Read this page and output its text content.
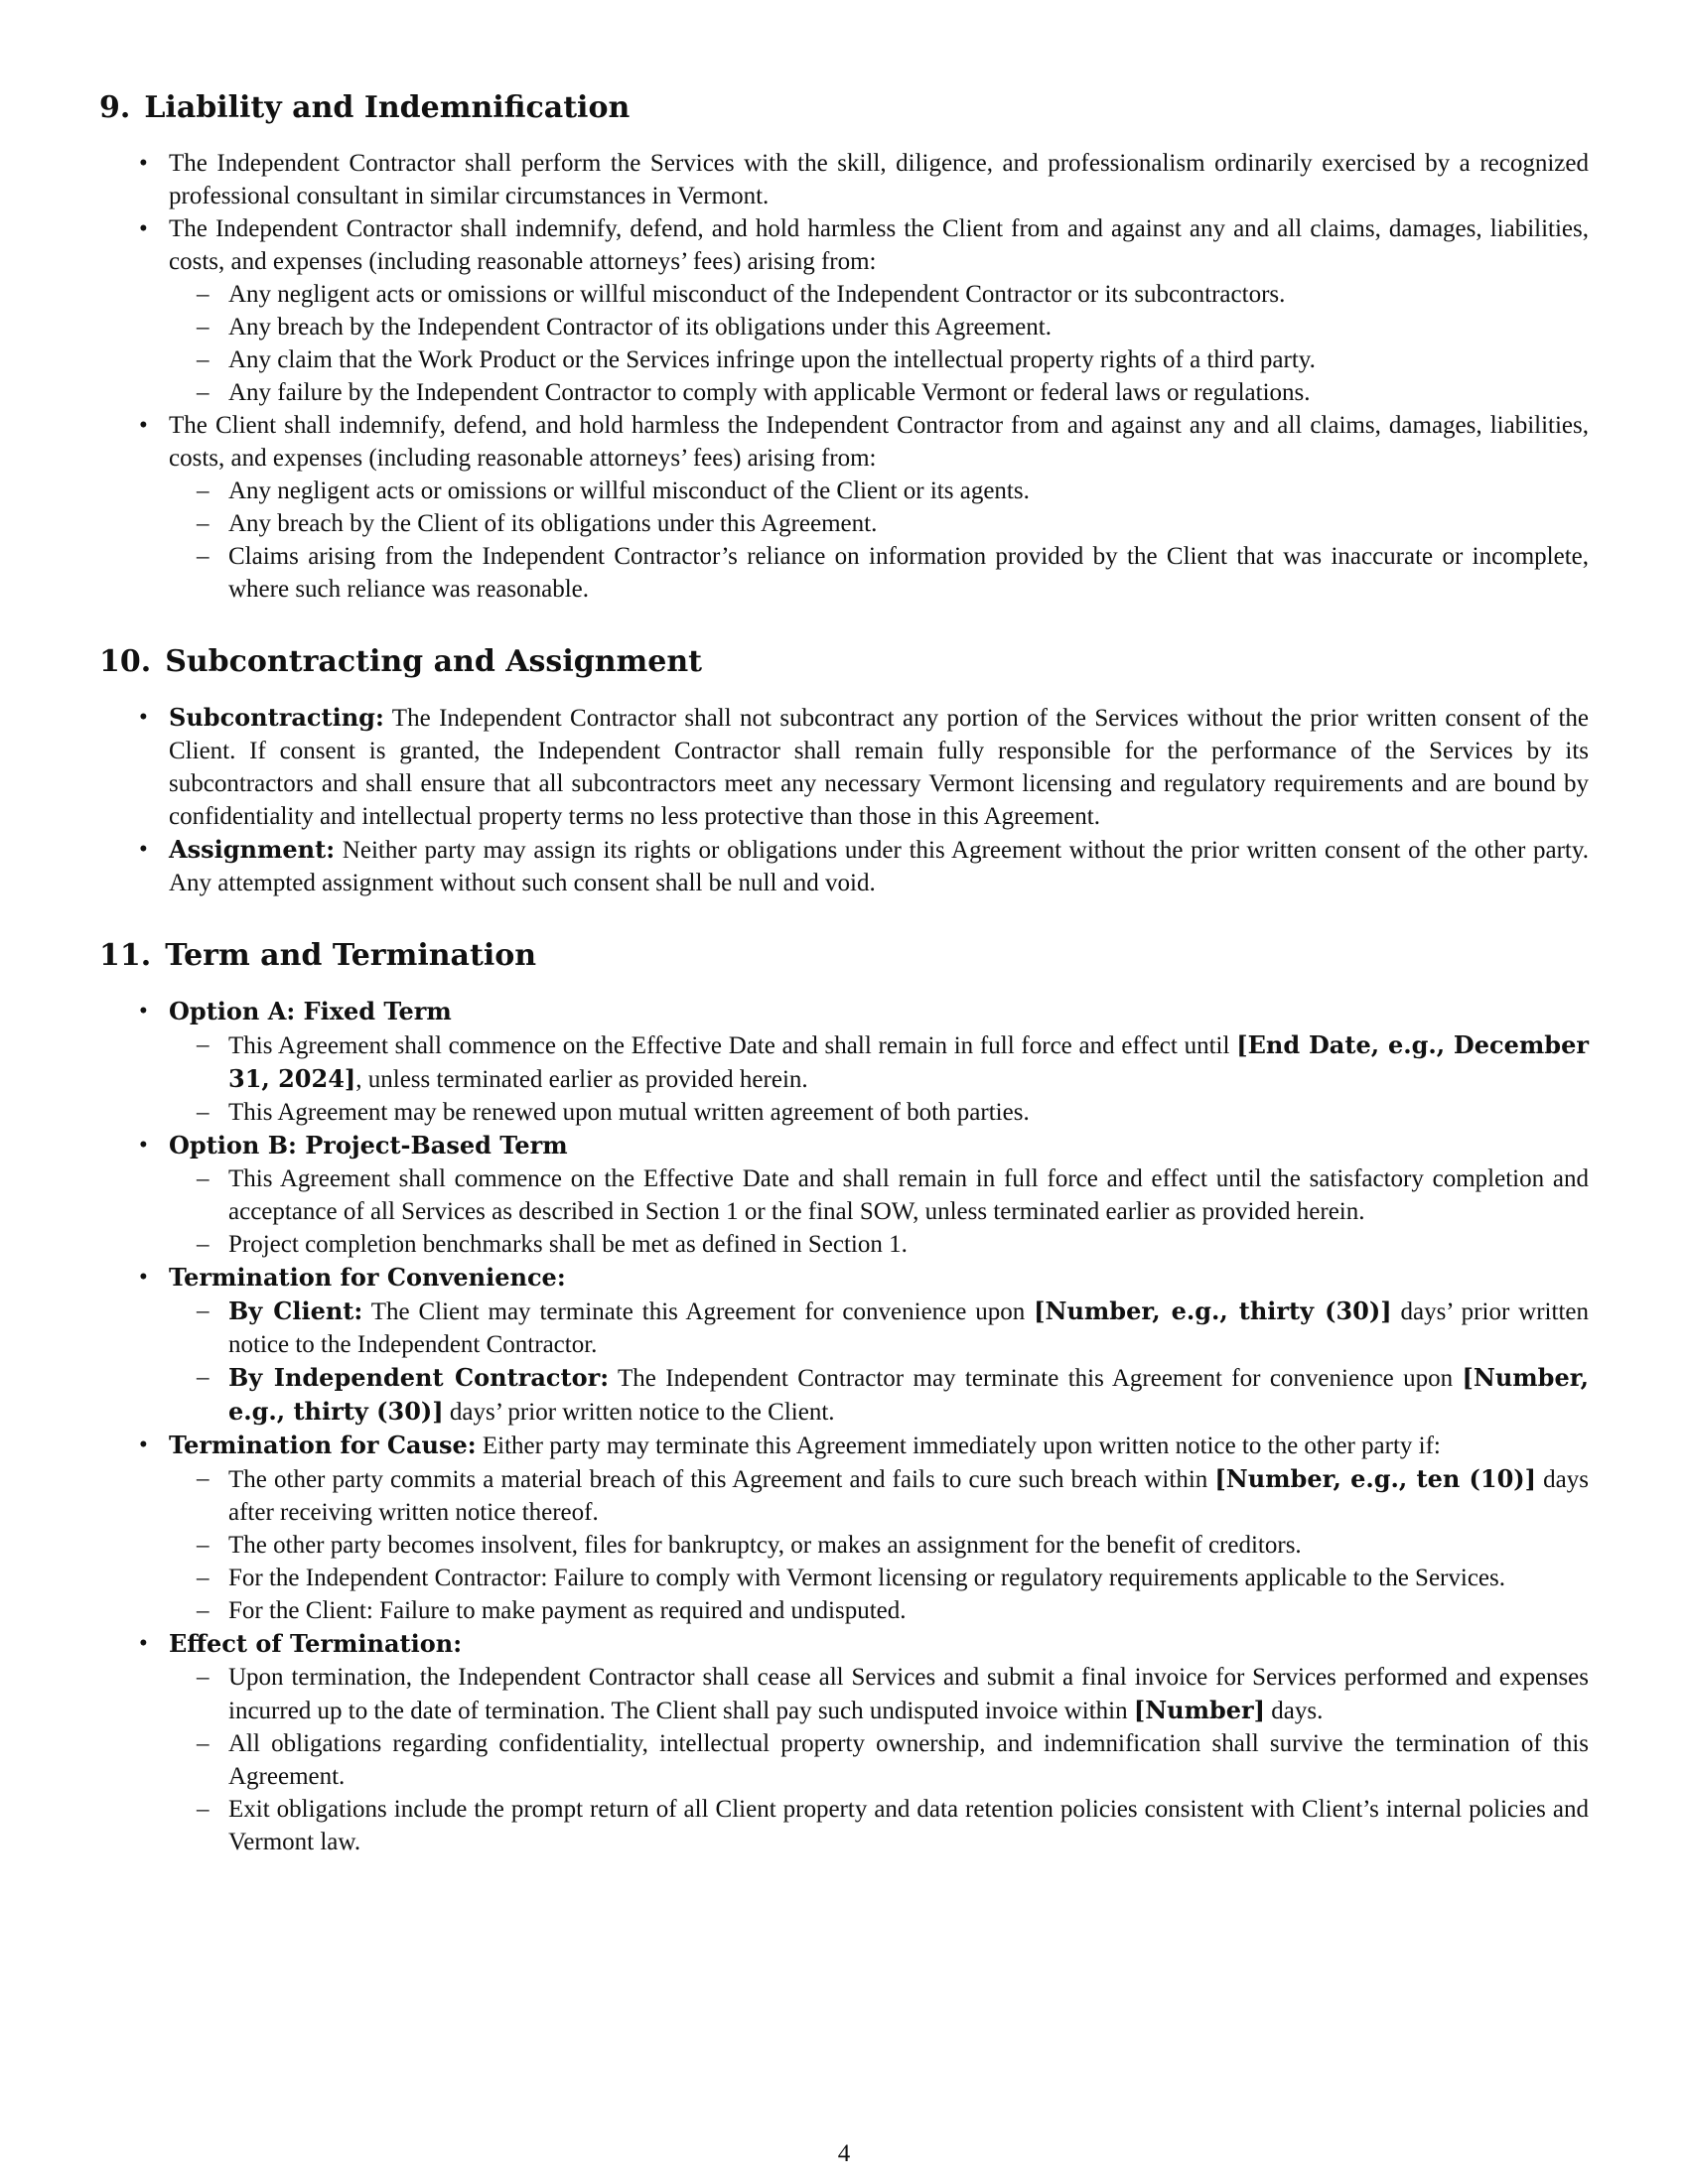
9. Liability and Indemnification
• The Independent Contractor shall perform the Services with the skill, diligence, and professionalism ordinarily exercised by a recognized professional consultant in similar circumstances in Vermont.
• The Independent Contractor shall indemnify, defend, and hold harmless the Client from and against any and all claims, damages, liabilities, costs, and expenses (including reasonable attorneys’ fees) arising from:
– Any negligent acts or omissions or willful misconduct of the Independent Contractor or its subcontractors.
– Any breach by the Independent Contractor of its obligations under this Agreement.
– Any claim that the Work Product or the Services infringe upon the intellectual property rights of a third party.
– Any failure by the Independent Contractor to comply with applicable Vermont or federal laws or regulations.
• The Client shall indemnify, defend, and hold harmless the Independent Contractor from and against any and all claims, damages, liabilities, costs, and expenses (including reasonable attorneys’ fees) arising from:
– Any negligent acts or omissions or willful misconduct of the Client or its agents.
– Any breach by the Client of its obligations under this Agreement.
– Claims arising from the Independent Contractor’s reliance on information provided by the Client that was inaccurate or incomplete, where such reliance was reasonable.
10. Subcontracting and Assignment
• Subcontracting: The Independent Contractor shall not subcontract any portion of the Services without the prior written consent of the Client. If consent is granted, the Independent Contractor shall remain fully responsible for the performance of the Services by its subcontractors and shall ensure that all subcontractors meet any necessary Vermont licensing and regulatory requirements and are bound by confidentiality and intellectual property terms no less protective than those in this Agreement.
• Assignment: Neither party may assign its rights or obligations under this Agreement without the prior written consent of the other party. Any attempted assignment without such consent shall be null and void.
11. Term and Termination
• Option A: Fixed Term
– This Agreement shall commence on the Effective Date and shall remain in full force and effect until [End Date, e.g., December 31, 2024], unless terminated earlier as provided herein.
– This Agreement may be renewed upon mutual written agreement of both parties.
• Option B: Project-Based Term
– This Agreement shall commence on the Effective Date and shall remain in full force and effect until the satisfactory completion and acceptance of all Services as described in Section 1 or the final SOW, unless terminated earlier as provided herein.
– Project completion benchmarks shall be met as defined in Section 1.
• Termination for Convenience:
– By Client: The Client may terminate this Agreement for convenience upon [Number, e.g., thirty (30)] days’ prior written notice to the Independent Contractor.
– By Independent Contractor: The Independent Contractor may terminate this Agreement for convenience upon [Number, e.g., thirty (30)] days’ prior written notice to the Client.
• Termination for Cause: Either party may terminate this Agreement immediately upon written notice to the other party if:
– The other party commits a material breach of this Agreement and fails to cure such breach within [Number, e.g., ten (10)] days after receiving written notice thereof.
– The other party becomes insolvent, files for bankruptcy, or makes an assignment for the benefit of creditors.
– For the Independent Contractor: Failure to comply with Vermont licensing or regulatory requirements applicable to the Services.
– For the Client: Failure to make payment as required and undisputed.
• Effect of Termination:
– Upon termination, the Independent Contractor shall cease all Services and submit a final invoice for Services performed and expenses incurred up to the date of termination. The Client shall pay such undisputed invoice within [Number] days.
– All obligations regarding confidentiality, intellectual property ownership, and indemnification shall survive the termination of this Agreement.
– Exit obligations include the prompt return of all Client property and data retention policies consistent with Client’s internal policies and Vermont law.
4
